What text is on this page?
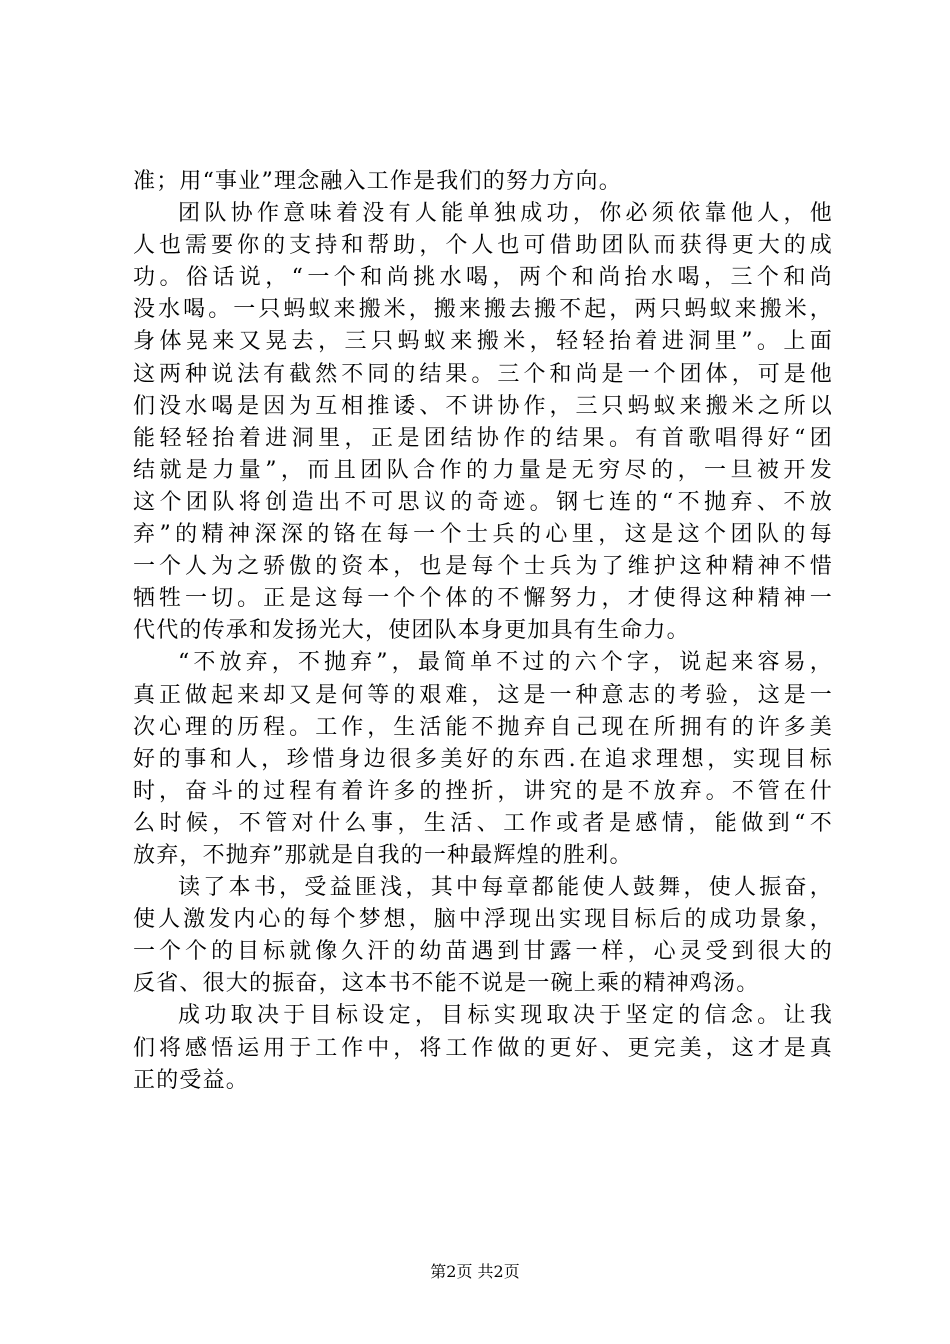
准；用“事业”理念融入工作是我们的努力方向。
团队协作意味着没有人能单独成功，你必须依靠他人，他
人也需要你的支持和帮助，个人也可借助团队而获得更大的成
功。俗话说，“一个和尚挑水喝，两个和尚抬水喝，三个和尚
没水喝。一只蚂蚁来搬米，搬来搬去搬不起，两只蚂蚁来搬米，
身体晃来又晃去，三只蚂蚁来搬米，轻轻抬着进洞里”。上面
这两种说法有截然不同的结果。三个和尚是一个团体，可是他
们没水喝是因为互相推诿、不讲协作，三只蚂蚁来搬米之所以
能轻轻抬着进洞里，正是团结协作的结果。有首歌唱得好“团
结就是力量”，而且团队合作的力量是无穷尽的，一旦被开发
这个团队将创造出不可思议的奇迹。钢七连的“不抛弃、不放
弃”的精神深深的铬在每一个士兵的心里，这是这个团队的每
一个人为之骄傲的资本，也是每个士兵为了维护这种精神不惜
牺牲一切。正是这每一个个体的不懈努力，才使得这种精神一
代代的传承和发扬光大，使团队本身更加具有生命力。
“不放弃，不抛弃”，最简单不过的六个字，说起来容易，
真正做起来却又是何等的艰难，这是一种意志的考验，这是一
次心理的历程。工作，生活能不抛弃自己现在所拥有的许多美
好的事和人，珍惜身边很多美好的东西.在追求理想，实现目标
时，奋斗的过程有着许多的挫折，讲究的是不放弃。不管在什
么时候，不管对什么事，生活、工作或者是感情，能做到“不
放弃，不抛弃”那就是自我的一种最辉煌的胜利。
读了本书，受益匪浅，其中每章都能使人鼓舞，使人振奋，
使人激发内心的每个梦想，脑中浮现出实现目标后的成功景象，
一个个的目标就像久汗的幼苗遇到甘露一样，心灵受到很大的
反省、很大的振奋，这本书不能不说是一碗上乘的精神鸡汤。
成功取决于目标设定，目标实现取决于坚定的信念。让我
们将感悟运用于工作中，将工作做的更好、更完美，这才是真
正的受益。
第2页 共2页
